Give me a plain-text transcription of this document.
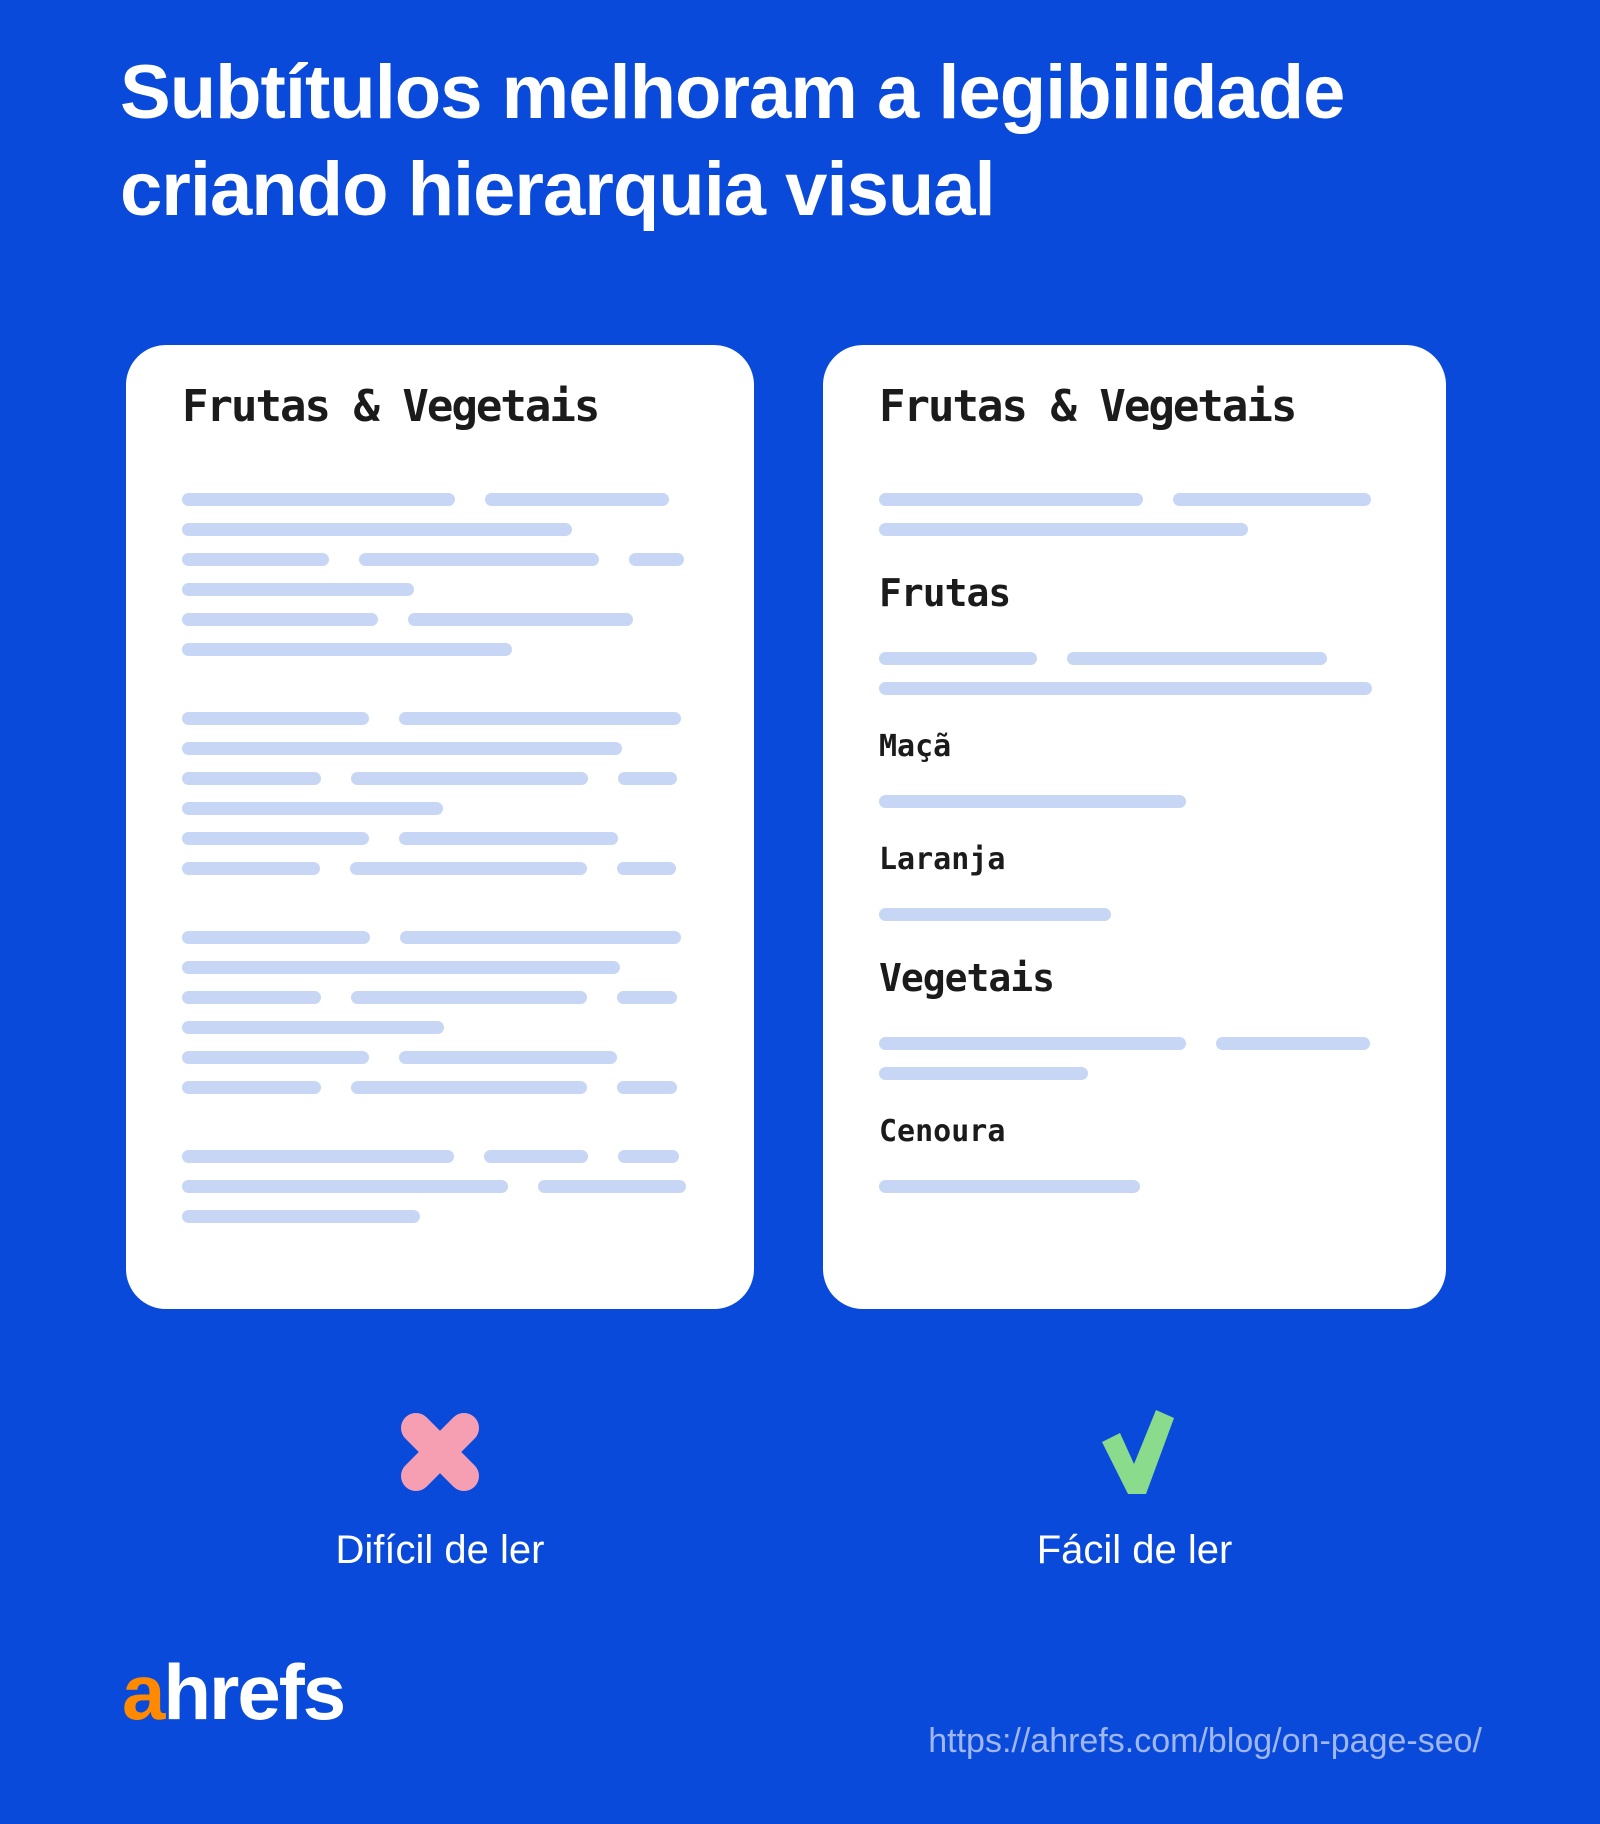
Subtítulos melhoram a legibilidade
criando hierarquia visual
Frutas & Vegetais	Frutas & Vegetais
Frutas
Maçã
Laranja
Vegetais
Cenoura
Difícil de ler	Fácil de ler
ahrefs
https://ahrefs.com/blog/on-page-seo/
